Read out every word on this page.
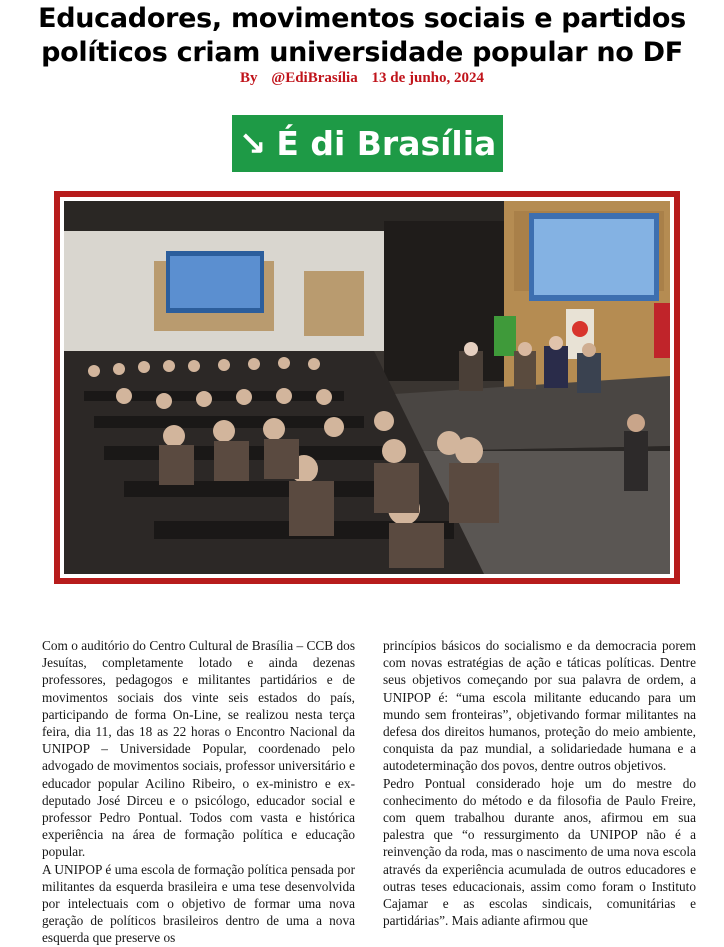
Educadores, movimentos sociais e partidos
políticos criam universidade popular no DF
By @EdiBrasília 13 de junho, 2024
↘ É di Brasília

Com o auditório do Centro Cultural de Brasília – CCB dos Jesuítas, completamente lotado e ainda dezenas professores, pedagogos e militantes partidários e de movimentos sociais dos vinte seis estados do país, participando de forma On-Line, se realizou nesta terça feira, dia 11, das 18 as 22 horas o Encontro Nacional da UNIPOP – Universidade Popular, coordenado pelo advogado de movimentos sociais, professor universitário e educador popular Acilino Ribeiro, o ex-ministro e ex-deputado José Dirceu e o psicólogo, educador social e professor Pedro Pontual. Todos com vasta e histórica experiência na área de formação política e educação popular.

A UNIPOP é uma escola de formação política pensada por militantes da esquerda brasileira e uma tese desenvolvida por intelectuais com o objetivo de formar uma nova geração de políticos brasileiros dentro de uma a nova esquerda que preserve os

princípios básicos do socialismo e da democracia porem com novas estratégias de ação e táticas políticas. Dentre seus objetivos começando por sua palavra de ordem, a UNIPOP é: “uma escola militante educando para um mundo sem fronteiras”, objetivando formar militantes na defesa dos direitos humanos, proteção do meio ambiente, conquista da paz mundial, a solidariedade humana e a autodeterminação dos povos, dentre outros objetivos.

Pedro Pontual considerado hoje um do mestre do conhecimento do método e da filosofia de Paulo Freire, com quem trabalhou durante anos, afirmou em sua palestra que “o ressurgimento da UNIPOP não é a reinvenção da roda, mas o nascimento de uma nova escola através da experiência acumulada de outros educadores e outras teses educacionais, assim como foram o Instituto Cajamar e as escolas sindicais, comunitárias e partidárias”. Mais adiante afirmou que
